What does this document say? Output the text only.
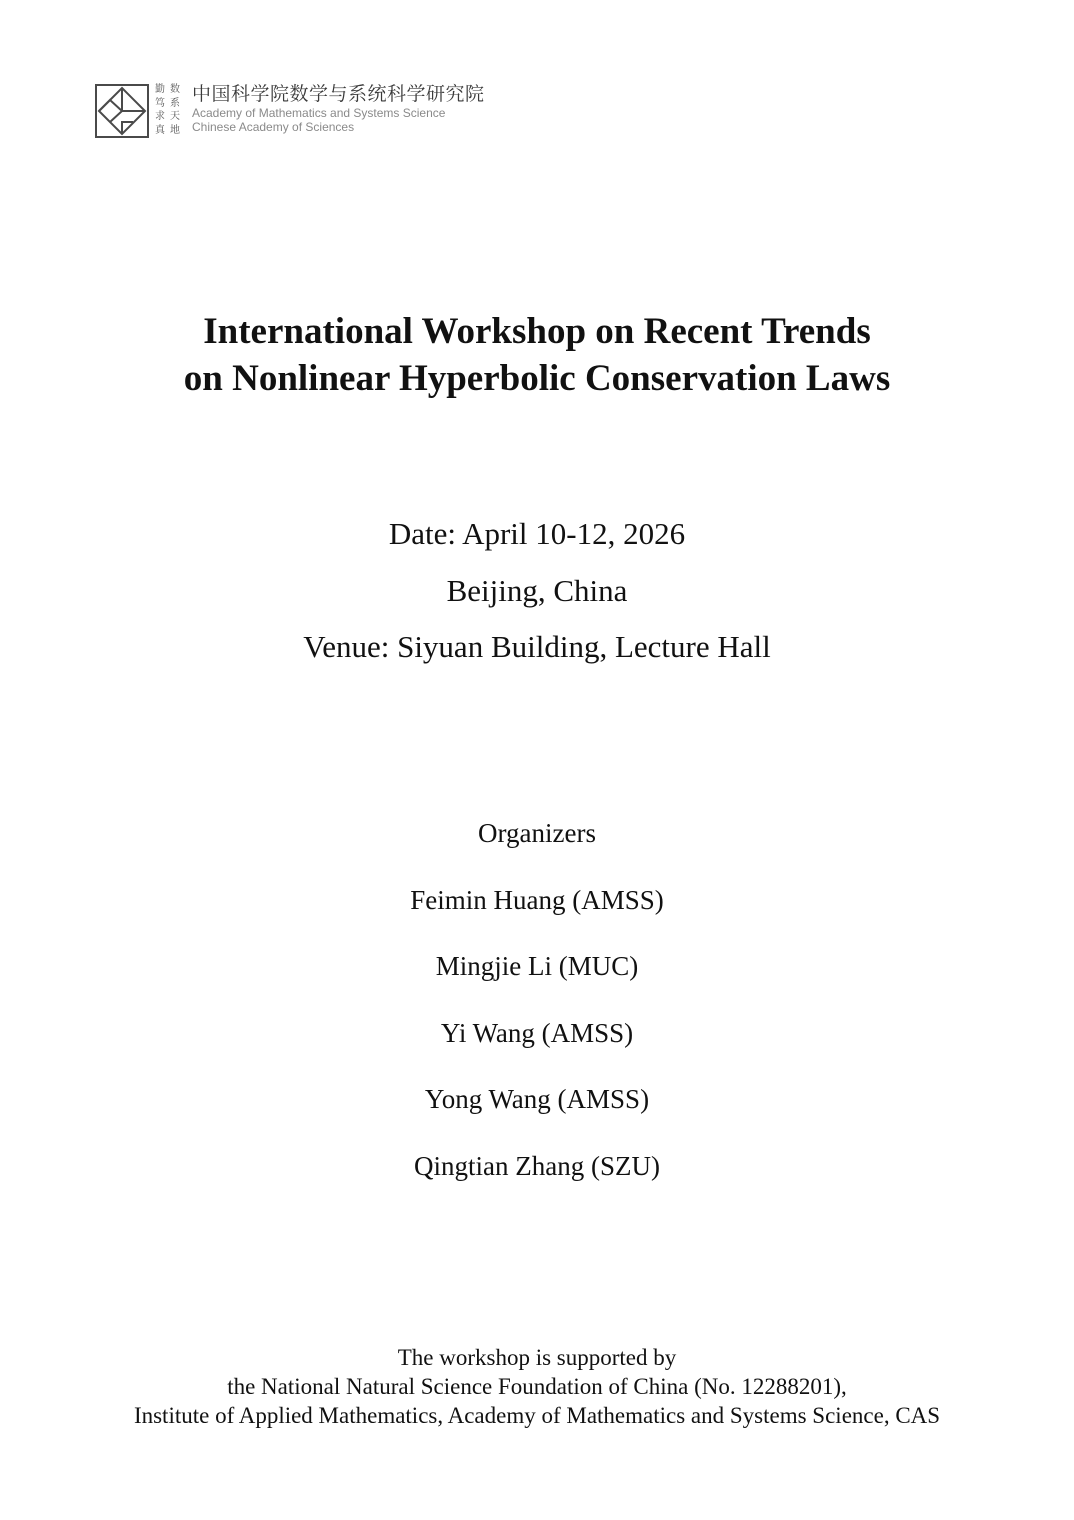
勤 数
笃 系
求 天
真 地
中国科学院数学与系统科学研究院
Academy of Mathematics and Systems Science
Chinese Academy of Sciences
International Workshop on Recent Trends
on Nonlinear Hyperbolic Conservation Laws
Date: April 10-12, 2026
Beijing, China
Venue: Siyuan Building, Lecture Hall
Organizers
Feimin Huang (AMSS)
Mingjie Li (MUC)
Yi Wang (AMSS)
Yong Wang (AMSS)
Qingtian Zhang (SZU)
The workshop is supported by
the National Natural Science Foundation of China (No. 12288201),
Institute of Applied Mathematics, Academy of Mathematics and Systems Science, CAS
